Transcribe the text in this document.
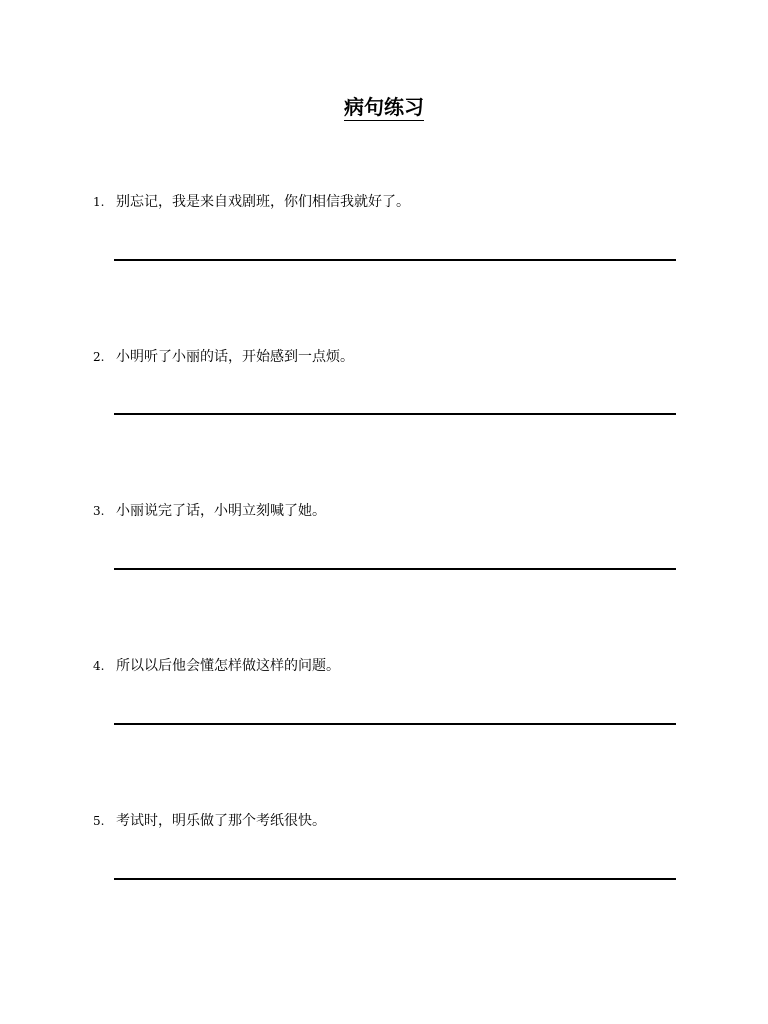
病句练习
1. 别忘记，我是来自戏剧班，你们相信我就好了。
2. 小明听了小丽的话，开始感到一点烦。
3. 小丽说完了话，小明立刻喊了她。
4. 所以以后他会懂怎样做这样的问题。
5. 考试时，明乐做了那个考纸很快。
